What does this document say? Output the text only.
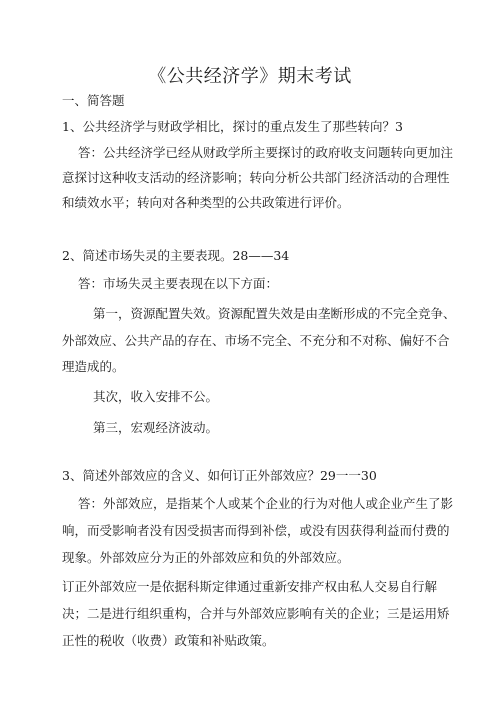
《公共经济学》期末考试
一、简答题
1、公共经济学与财政学相比，探讨的重点发生了那些转向？3
答：公共经济学已经从财政学所主要探讨的政府收支问题转向更加注
意探讨这种收支活动的经济影响；转向分析公共部门经济活动的合理性
和绩效水平；转向对各种类型的公共政策进行评价。
2、简述市场失灵的主要表现。28——34
答：市场失灵主要表现在以下方面：
第一，资源配置失效。资源配置失效是由垄断形成的不完全竞争、
外部效应、公共产品的存在、市场不完全、不充分和不对称、偏好不合
理造成的。
其次，收入安排不公。
第三，宏观经济波动。
3、简述外部效应的含义、如何订正外部效应？29一一30
答：外部效应，是指某个人或某个企业的行为对他人或企业产生了影
响，而受影响者没有因受损害而得到补偿，或没有因获得利益而付费的
现象。外部效应分为正的外部效应和负的外部效应。
订正外部效应一是依据科斯定律通过重新安排产权由私人交易自行解
决；二是进行组织重构，合并与外部效应影响有关的企业；三是运用矫
正性的税收（收费）政策和补贴政策。
